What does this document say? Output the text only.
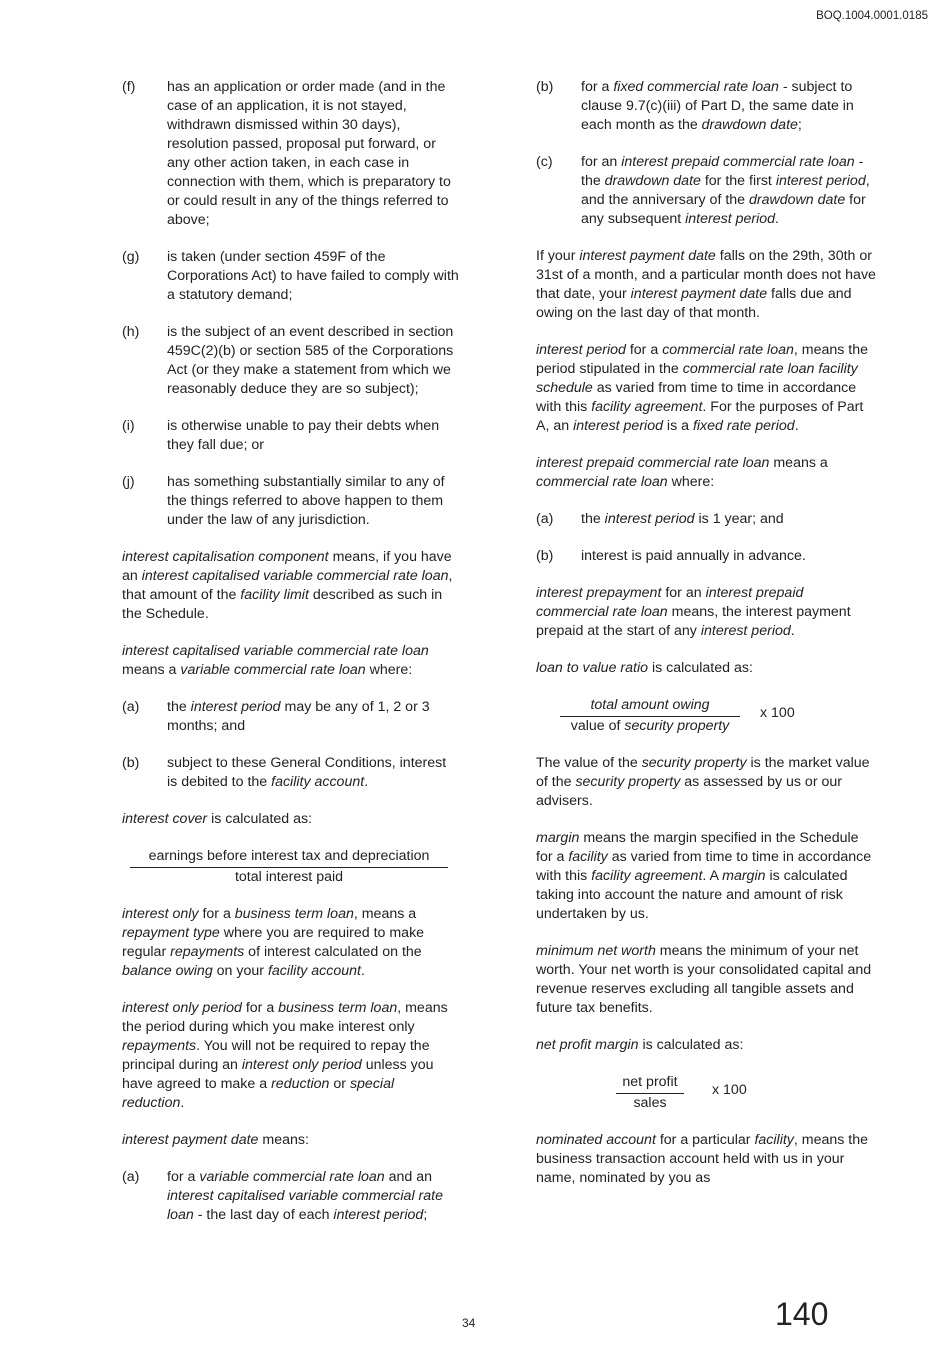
BOQ.1004.0001.0185
(f) has an application or order made (and in the case of an application, it is not stayed, withdrawn dismissed within 30 days), resolution passed, proposal put forward, or any other action taken, in each case in connection with them, which is preparatory to or could result in any of the things referred to above;
(g) is taken (under section 459F of the Corporations Act) to have failed to comply with a statutory demand;
(h) is the subject of an event described in section 459C(2)(b) or section 585 of the Corporations Act (or they make a statement from which we reasonably deduce they are so subject);
(i) is otherwise unable to pay their debts when they fall due; or
(j) has something substantially similar to any of the things referred to above happen to them under the law of any jurisdiction.

interest capitalisation component means, if you have an interest capitalised variable commercial rate loan, that amount of the facility limit described as such in the Schedule.

interest capitalised variable commercial rate loan means a variable commercial rate loan where:

(a) the interest period may be any of 1, 2 or 3 months; and
(b) subject to these General Conditions, interest is debited to the facility account.

interest cover is calculated as:

$\frac{\text{earnings before interest tax and depreciation}}{\text{total interest paid}}$

interest only for a business term loan, means a repayment type where you are required to make regular repayments of interest calculated on the balance owing on your facility account.

interest only period for a business term loan, means the period during which you make interest only repayments. You will not be required to repay the principal during an interest only period unless you have agreed to make a reduction or special reduction.

interest payment date means:

(a) for a variable commercial rate loan and an interest capitalised variable commercial rate loan - the last day of each interest period;
(b) for a fixed commercial rate loan - subject to clause 9.7(c)(iii) of Part D, the same date in each month as the drawdown date;
(c) for an interest prepaid commercial rate loan - the drawdown date for the first interest period, and the anniversary of the drawdown date for any subsequent interest period.

If your interest payment date falls on the 29th, 30th or 31st of a month, and a particular month does not have that date, your interest payment date falls due and owing on the last day of that month.

interest period for a commercial rate loan, means the period stipulated in the commercial rate loan facility schedule as varied from time to time in accordance with this facility agreement. For the purposes of Part A, an interest period is a fixed rate period.

interest prepaid commercial rate loan means a commercial rate loan where:

(a) the interest period is 1 year; and
(b) interest is paid annually in advance.

interest prepayment for an interest prepaid commercial rate loan means, the interest payment prepaid at the start of any interest period.

loan to value ratio is calculated as:

$\frac{\text{total amount owing}}{\text{value of security property}}$ x 100

The value of the security property is the market value of the security property as assessed by us or our advisers.

margin means the margin specified in the Schedule for a facility as varied from time to time in accordance with this facility agreement. A margin is calculated taking into account the nature and amount of risk undertaken by us.

minimum net worth means the minimum of your net worth. Your net worth is your consolidated capital and revenue reserves excluding all tangible assets and future tax benefits.

net profit margin is calculated as:

$\frac{\text{net profit}}{\text{sales}}$ x 100

nominated account for a particular facility, means the business transaction account held with us in your name, nominated by you as

34	140
